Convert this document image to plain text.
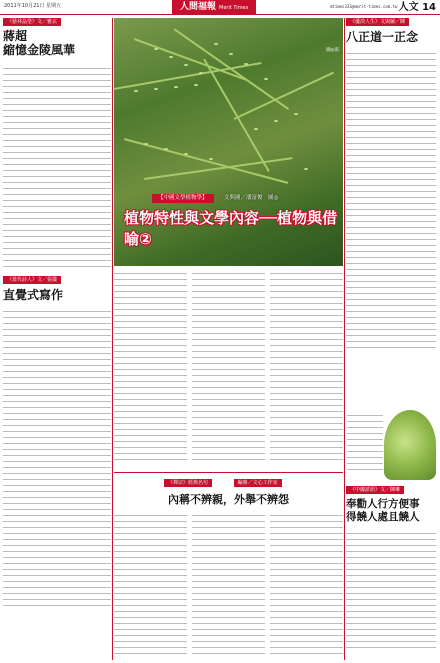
2011年10月21日 星期五	人間福報 Merit Times	mtimes333@merit-times.com.tw 人文 14
《藝林晶瑩》文／雅玄
蔣超
縮憶金陵風華
《當代詩人》文／張儀
直覺式寫作
圖◎張
【中國文學植物學】	文與圖／潘富俊　圖◎
植物特性與文學內容──植物與借喻②
《禪宗》經典名句	編審／文心工作室
內稱不辨親，外舉不辨怨
《優淡人生》文與圖／陳
八正道一正念
《中國諺語》文／陳琳
奉勸人行方便事
得饒人處且饒人
